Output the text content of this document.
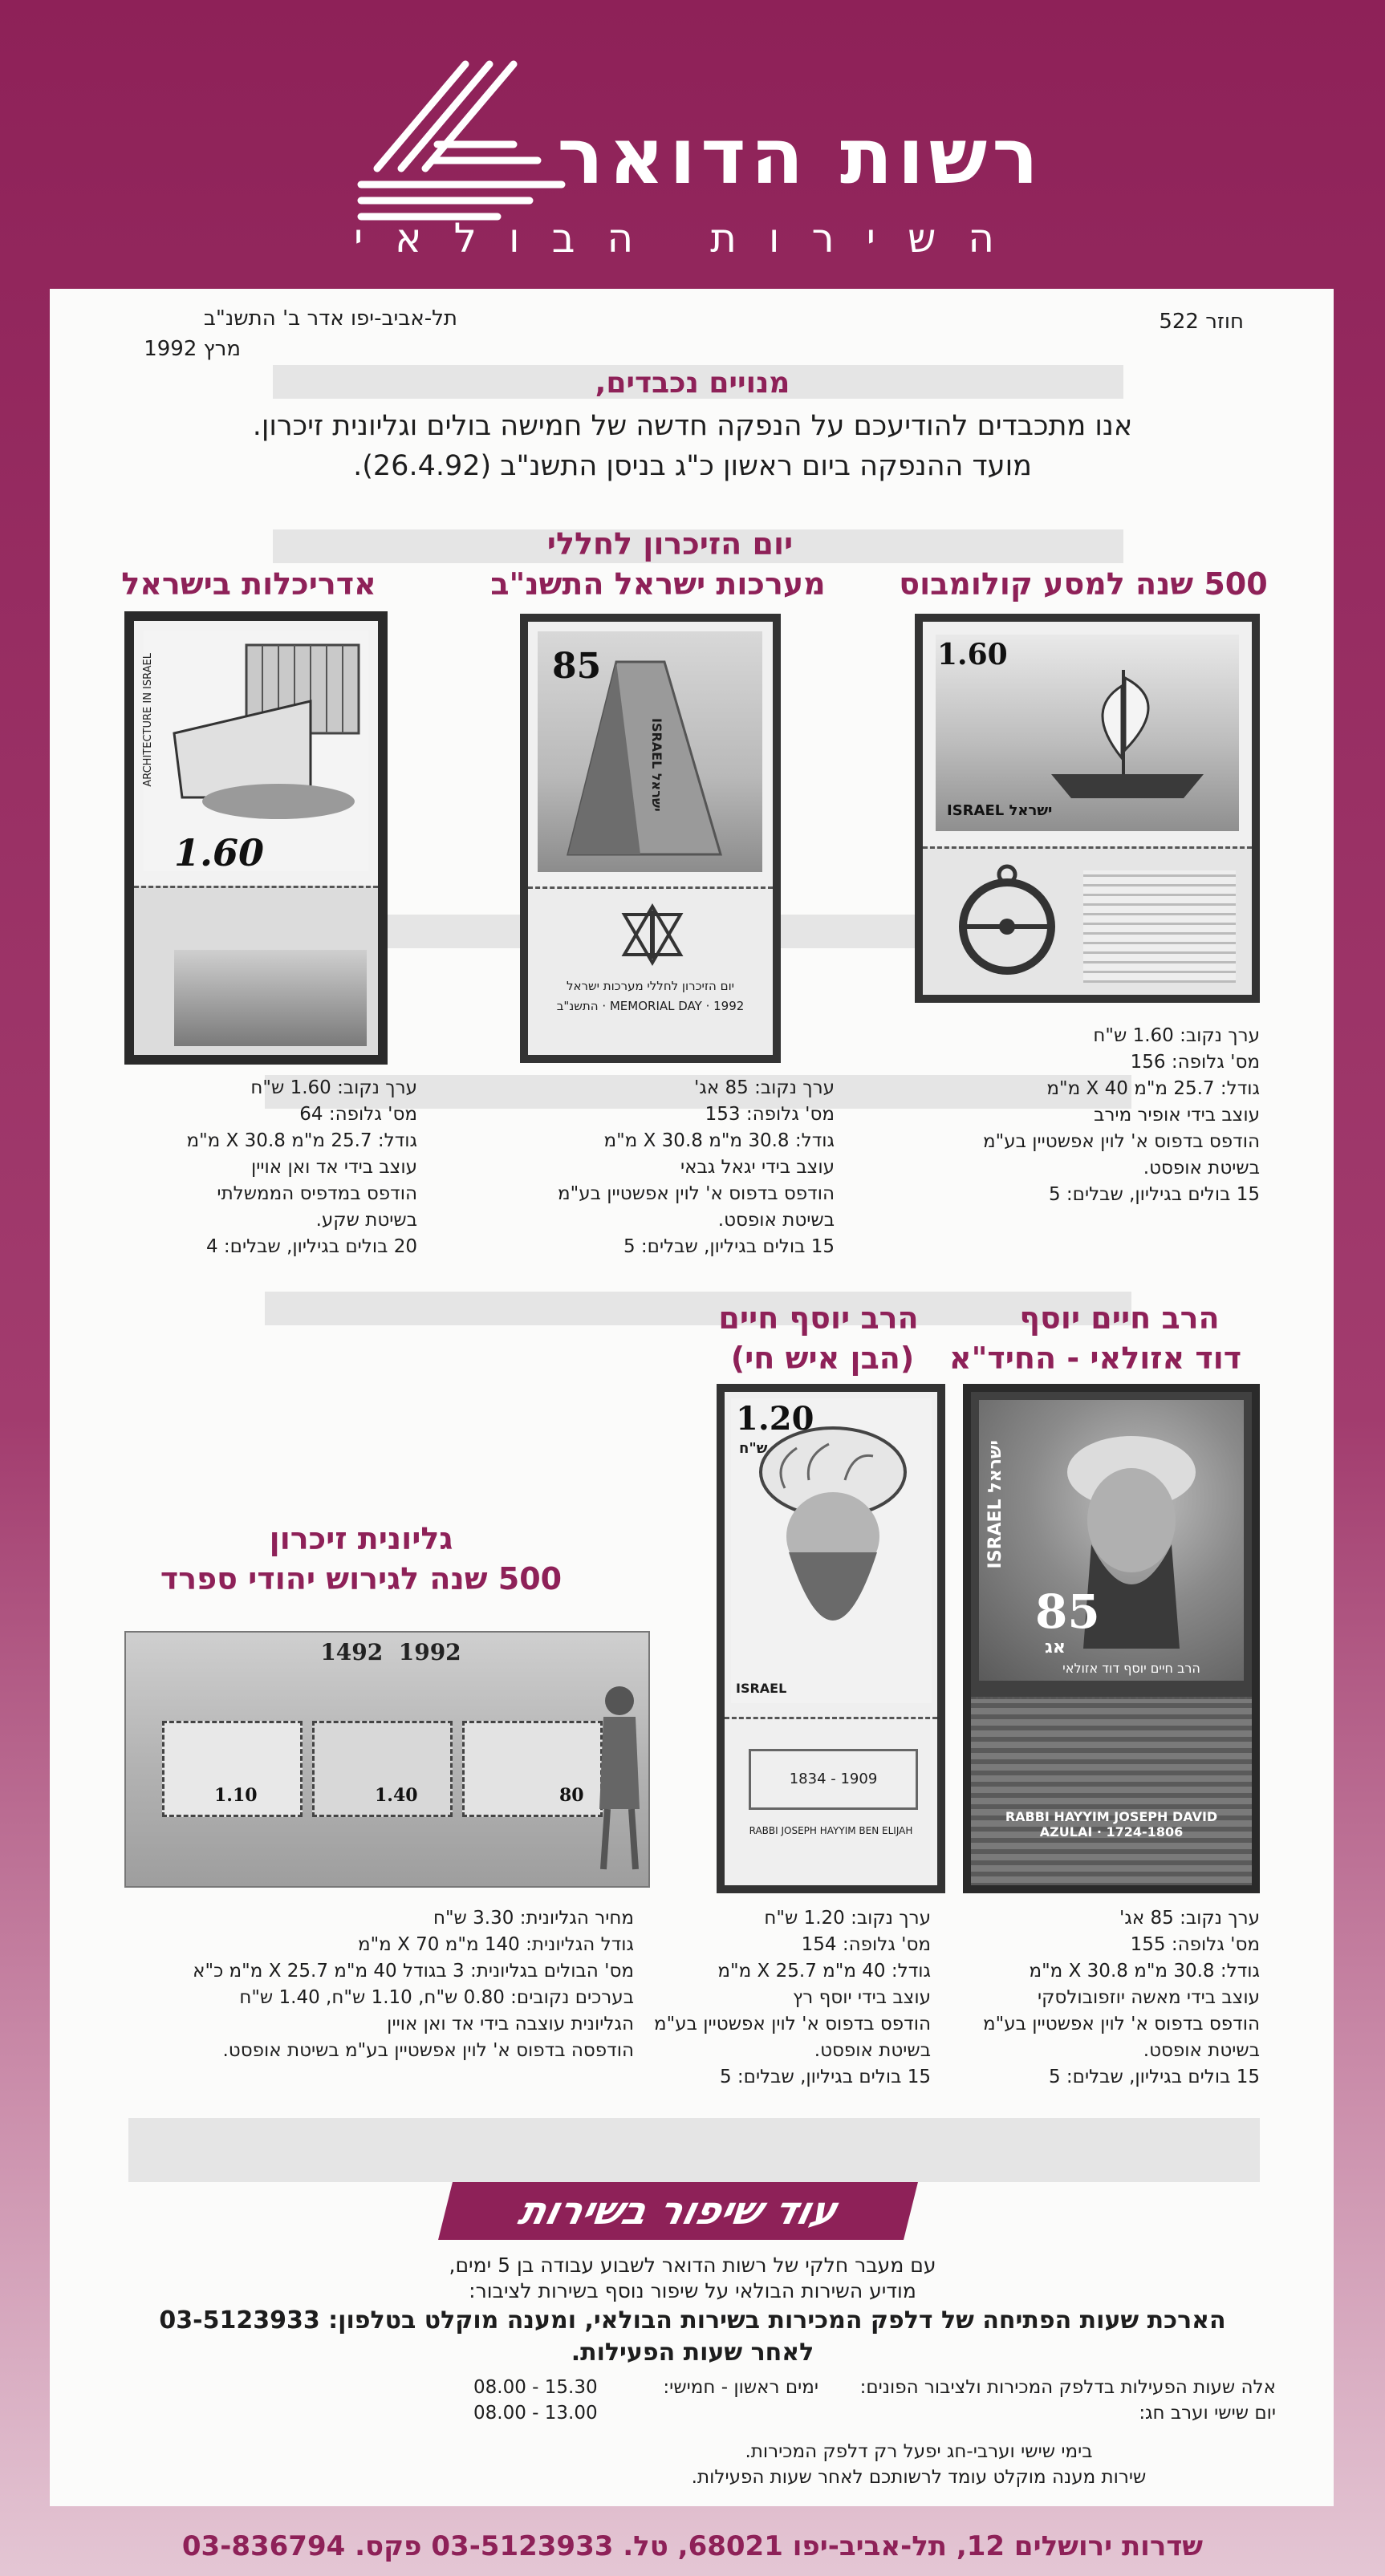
רשות הדואר
השירות הבולאי
חוזר 522
תל-אביב-יפו אדר ב' התשנ"ב
מרץ 1992
מנויים נכבדים,
אנו מתכבדים להודיעכם על הנפקה חדשה של חמישה בולים וגליונית זיכרון.
מועד ההנפקה ביום ראשון כ"ג בניסן התשנ"ב (26.4.92).
500 שנה למסע קולומבוס
1.60
ISRAEL ישראל
ערך נקוב: 1.60 ש"ח
מס' גלופה: 156
גודל: 25.7 מ"מ X 40 מ"מ
עוצב בידי אופיר מירב
הודפס בדפוס א' לוין אפשטיין בע"מ
בשיטת אופסט.
15 בולים בגיליון, שבלים: 5
יום הזיכרון לחללי
מערכות ישראל התשנ"ב
85
ISRAEL ישראל
יום הזיכרון לחללי מערכות ישראל
MEMORIAL DAY · 1992 · התשנ"ב
ערך נקוב: 85 אג'
מס' גלופה: 153
גודל: 30.8 מ"מ X 30.8 מ"מ
עוצב בידי יגאל גבאי
הודפס בדפוס א' לוין אפשטיין בע"מ
בשיטת אופסט.
15 בולים בגיליון, שבלים: 5
אדריכלות בישראל
1.60
ARCHITECTURE IN ISRAEL
ערך נקוב: 1.60 ש"ח
מס' גלופה: 64
גודל: 25.7 מ"מ X 30.8 מ"מ
עוצב בידי אד ואן אויין
הודפס במדפיס הממשלתי
בשיטת שקע.
20 בולים בגיליון, שבלים: 4
הרב חיים יוסף
דוד אזולאי - החיד"א
85
אג
ISRAEL ישראל
הרב חיים יוסף דוד אזולאי
RABBI HAYYIM JOSEPH DAVID AZULAI · 1724-1806
ערך נקוב: 85 אג'
מס' גלופה: 155
גודל: 30.8 מ"מ X 30.8 מ"מ
עוצב בידי מאשה יוזפובולסקי
הודפס בדפוס א' לוין אפשטיין בע"מ
בשיטת אופסט.
15 בולים בגיליון, שבלים: 5
הרב יוסף חיים
(הבן איש חי)
1.20
ש"ח
ISRAEL
1834 - 1909
RABBI JOSEPH HAYYIM BEN ELIJAH
ערך נקוב: 1.20 ש"ח
מס' גלופה: 154
גודל: 40 מ"מ X 25.7 מ"מ
עוצב בידי יוסף רץ
הודפס בדפוס א' לוין אפשטיין בע"מ
בשיטת אופסט.
15 בולים בגיליון, שבלים: 5
גליונית זיכרון
500 שנה לגירוש יהודי ספרד
1492  1992
80
1.10	1.40
מחיר הגליונית: 3.30 ש"ח
גודל הגליונית: 140 מ"מ X 70 מ"מ
מס' הבולים בגליונית: 3 בגודל 40 מ"מ X 25.7 מ"מ כ"א
בערכים נקובים: 0.80 ש"ח, 1.10 ש"ח, 1.40 ש"ח
הגליונית עוצבה בידי אד ואן אויין
הודפסה בדפוס א' לוין אפשטיין בע"מ בשיטת אופסט.
עוד שיפור בשירות
עם מעבר חלקי של רשות הדואר לשבוע עבודה בן 5 ימים,
מודיע השירות הבולאי על שיפור נוסף בשירות לציבור:
הארכת שעות הפתיחה של דלפק המכירות בשירות הבולאי, ומענה מוקלט בטלפון: 03-5123933
לאחר שעות הפעילות.
אלה שעות הפעילות בדלפק המכירות ולציבור הפונים:
ימים ראשון - חמישי:
08.00 - 15.30
יום שישי וערב חג:
08.00 - 13.00
בימי שישי וערבי-חג יפעל רק דלפק המכירות.
שירות מענה מוקלט עומד לרשותכם לאחר שעות הפעילות.
שדרות ירושלים 12, תל-אביב-יפו 68021, טל. 03-5123933 פקס. 03-836794
